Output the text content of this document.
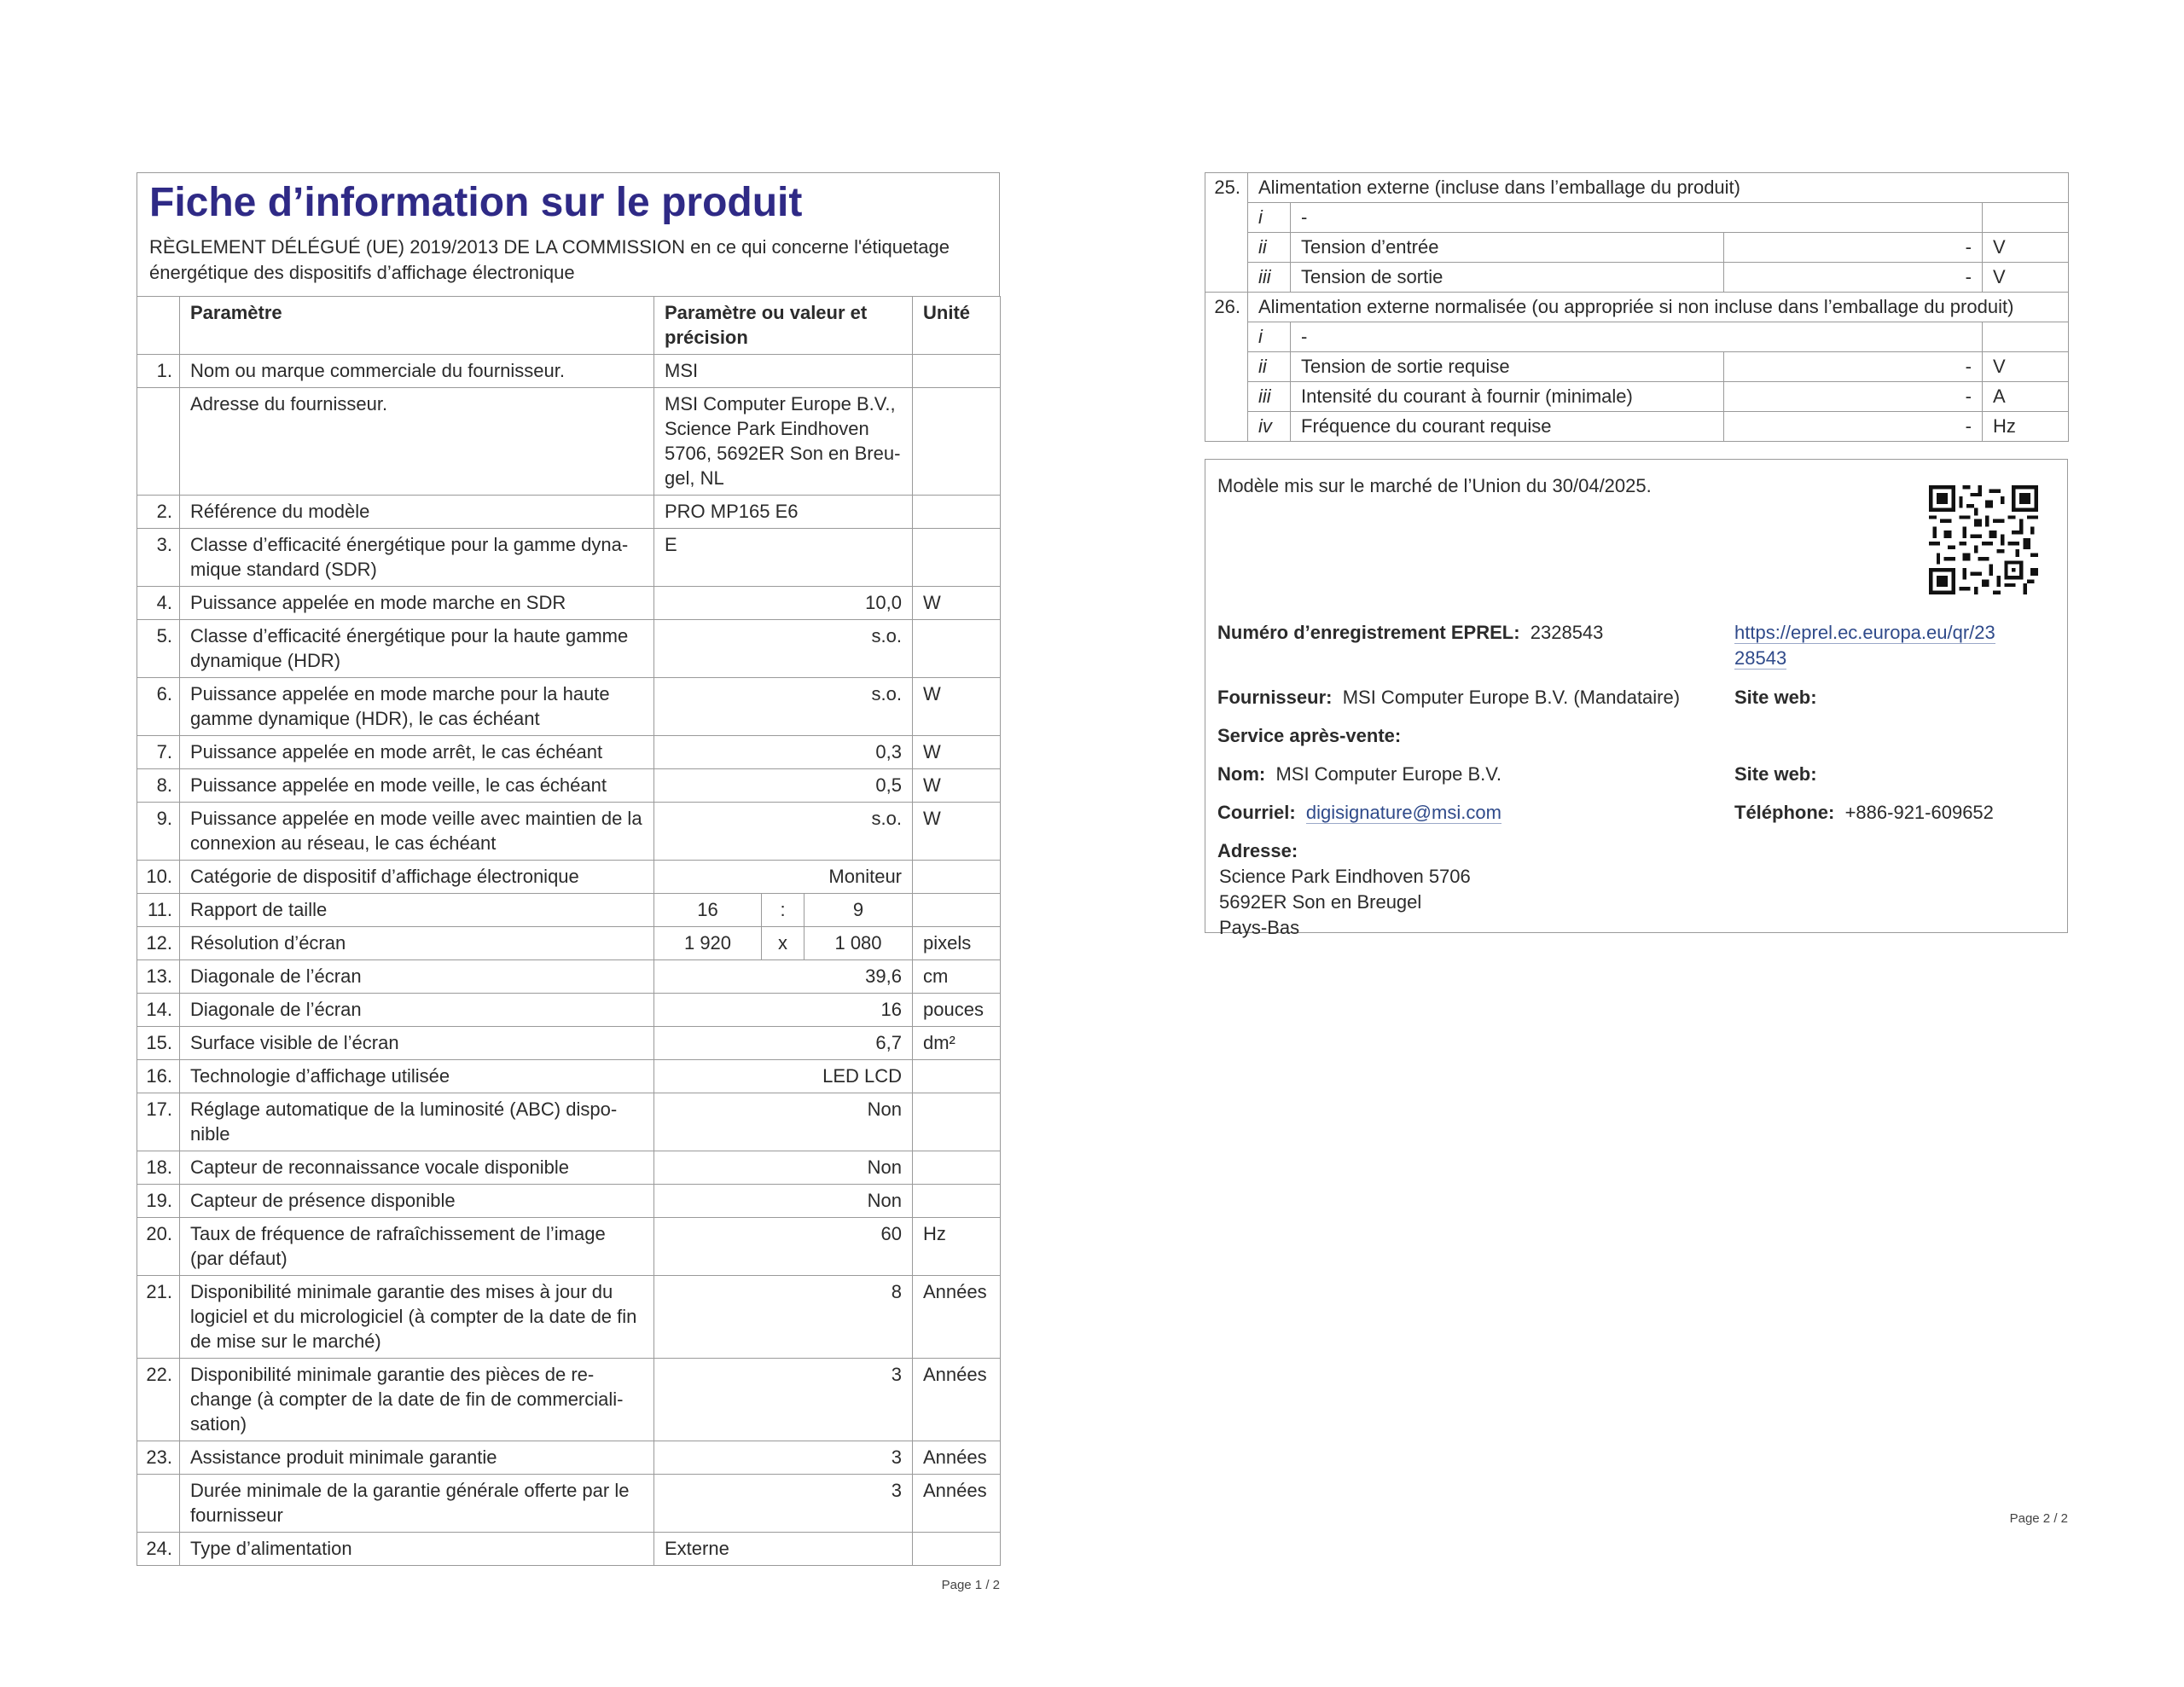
Fiche d’information sur le produit
RÈGLEMENT DÉLÉGUÉ (UE) 2019/2013 DE LA COMMISSION en ce qui concerne l'étiquetage énergétique des dispositifs d’affichage électronique
	Paramètre	Paramètre ou valeur et précision			Unité
1.	Nom ou marque commerciale du fournisseur.	MSI			
	Adresse du fournisseur.	MSI Computer Europe B.V., Science Park Eindhoven 5706, 5692ER Son en Breu-gel, NL			
2.	Référence du modèle	PRO MP165 E6			
3.	Classe d’efficacité énergétique pour la gamme dyna-mique standard (SDR)	E			
4.	Puissance appelée en mode marche en SDR	10,0			W
5.	Classe d’efficacité énergétique pour la haute gamme dynamique (HDR)	s.o.			
6.	Puissance appelée en mode marche pour la haute gamme dynamique (HDR), le cas échéant	s.o.			W
7.	Puissance appelée en mode arrêt, le cas échéant	0,3			W
8.	Puissance appelée en mode veille, le cas échéant	0,5			W
9.	Puissance appelée en mode veille avec maintien de la connexion au réseau, le cas échéant	s.o.			W
10.	Catégorie de dispositif d’affichage électronique	Moniteur			
11.	Rapport de taille	16	:	9	
12.	Résolution d’écran	1 920	x	1 080	pixels
13.	Diagonale de l’écran	39,6			cm
14.	Diagonale de l’écran	16			pouces
15.	Surface visible de l’écran	6,7			dm²
16.	Technologie d’affichage utilisée	LED LCD			
17.	Réglage automatique de la luminosité (ABC) dispo-nible	Non			
18.	Capteur de reconnaissance vocale disponible	Non			
19.	Capteur de présence disponible	Non			
20.	Taux de fréquence de rafraîchissement de l’image (par défaut)	60			Hz
21.	Disponibilité minimale garantie des mises à jour du logiciel et du micrologiciel (à compter de la date de fin de mise sur le marché)	8			Années
22.	Disponibilité minimale garantie des pièces de re-change (à compter de la date de fin de commerciali-sation)	3			Années
23.	Assistance produit minimale garantie	3			Années
	Durée minimale de la garantie générale offerte par le fournisseur	3			Années
24.	Type d’alimentation	Externe			
Page 1 / 2
25.	Alimentation externe (incluse dans l’emballage du produit)			
	i	-		
	ii	Tension d’entrée	-	V
	iii	Tension de sortie	-	V
26.	Alimentation externe normalisée (ou appropriée si non incluse dans l’emballage du produit)			
	i	-		
	ii	Tension de sortie requise	-	V
	iii	Intensité du courant à fournir (minimale)	-	A
	iv	Fréquence du courant requise	-	Hz
Modèle mis sur le marché de l’Union du 30/04/2025.
Numéro d’enregistrement EPREL: 2328543	https://eprel.ec.europa.eu/qr/23
28543
Fournisseur: MSI Computer Europe B.V. (Mandataire)	Site web:
Service après-vente:
Nom: MSI Computer Europe B.V.	Site web:
Courriel: digisignature@msi.com	Téléphone: +886-921-609652
Adresse:
Science Park Eindhoven 5706
5692ER Son en Breugel
Pays-Bas
Page 2 / 2
